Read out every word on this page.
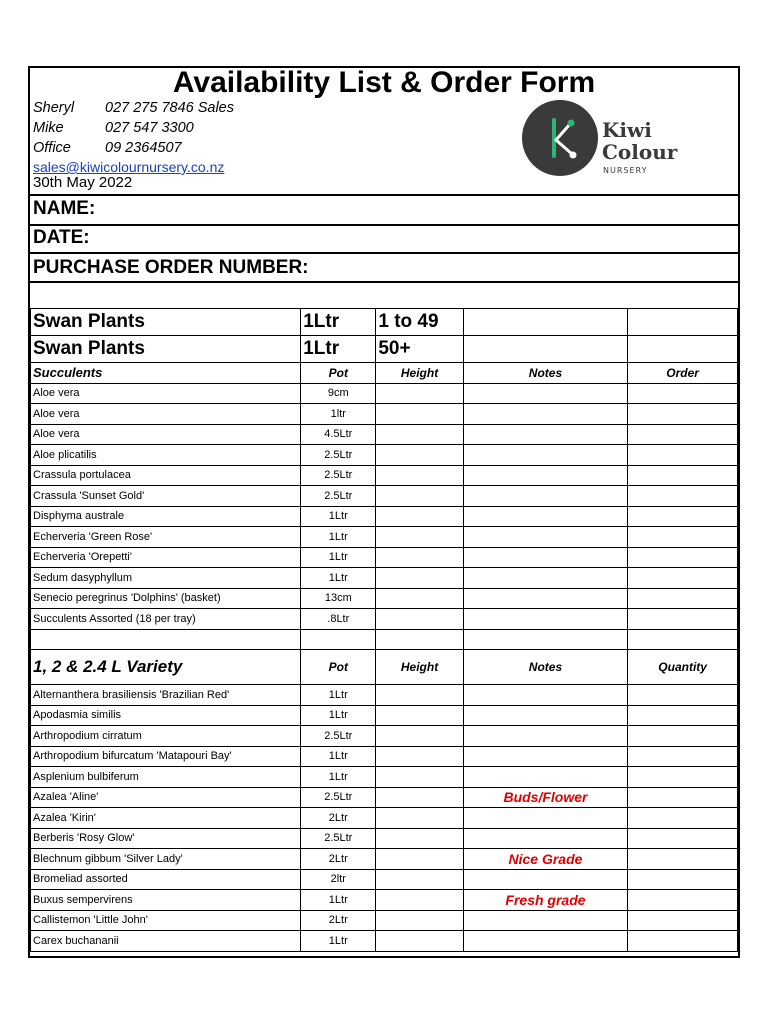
Availability List & Order Form
Sheryl 027 275 7846 Sales
Mike	027 547 3300
Office 09 2364507
sales@kiwicolournursery.co.nz
30th May 2022
Kiwi
Colour
NURSERY
NAME:
DATE:
PURCHASE ORDER NUMBER:
Swan Plants	1Ltr	1 to 49		
Swan Plants	1Ltr	50+		
Succulents	Pot	Height	Notes	Order
Aloe vera	9cm			
Aloe vera	1ltr			
Aloe vera	4.5Ltr			
Aloe plicatilis	2.5Ltr			
Crassula portulacea	2.5Ltr			
Crassula 'Sunset Gold'	2.5Ltr			
Disphyma australe	1Ltr			
Echerveria 'Green Rose'	1Ltr			
Echerveria 'Orepetti'	1Ltr			
Sedum dasyphyllum	1Ltr			
Senecio peregrinus 'Dolphins' (basket)	13cm			
Succulents Assorted (18 per tray)	.8Ltr			

1, 2 & 2.4 L Variety	Pot	Height	Notes	Quantity
Alternanthera brasiliensis 'Brazilian Red'	1Ltr			
Apodasmia similis	1Ltr			
Arthropodium cirratum	2.5Ltr			
Arthropodium bifurcatum 'Matapouri Bay'	1Ltr			
Asplenium bulbiferum	1Ltr			
Azalea 'Aline'	2.5Ltr		Buds/Flower	
Azalea 'Kirin'	2Ltr			
Berberis 'Rosy Glow'	2.5Ltr			
Blechnum gibbum 'Silver Lady'	2Ltr		Nice Grade	
Bromeliad assorted	2ltr			
Buxus sempervirens	1Ltr		Fresh grade	
Callistemon 'Little John'	2Ltr			
Carex buchananii	1Ltr			
